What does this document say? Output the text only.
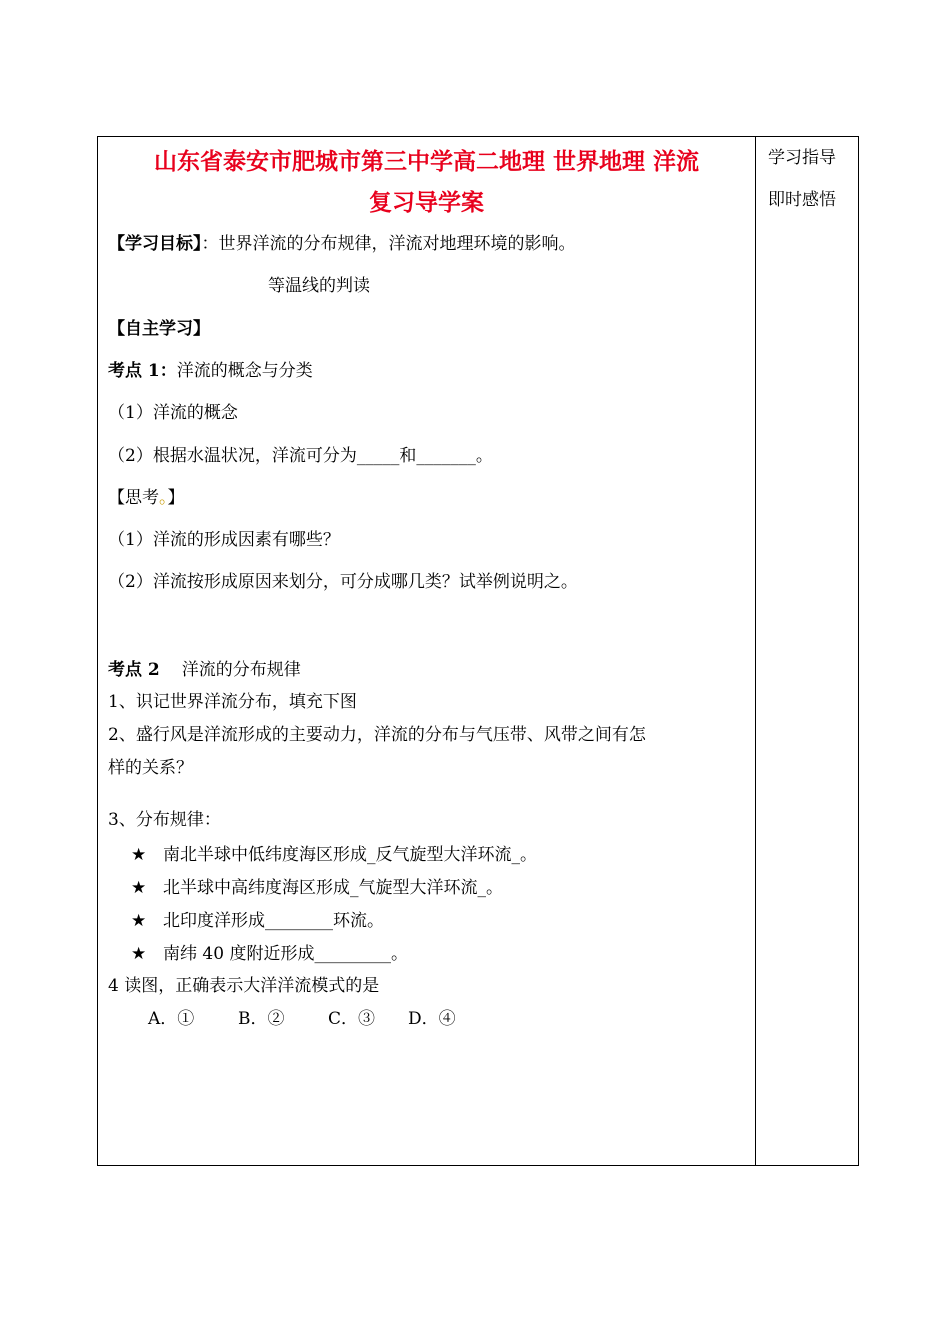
山东省泰安市肥城市第三中学高二地理 世界地理 洋流
复习导学案
【学习目标】：世界洋流的分布规律，洋流对地理环境的影响。
等温线的判读
【自主学习】
考点 1：洋流的概念与分类
（1）洋流的概念
（2）根据水温状况，洋流可分为_____和_______。
【思考。】
（1）洋流的形成因素有哪些？
（2）洋流按形成原因来划分，可分成哪几类？试举例说明之。
考点 2 洋流的分布规律
1、识记世界洋流分布，填充下图
2、盛行风是洋流形成的主要动力，洋流的分布与气压带、风带之间有怎
样的关系？
3、分布规律：
★ 南北半球中低纬度海区形成_反气旋型大洋环流_。
★ 北半球中高纬度海区形成_气旋型大洋环流_。
★ 北印度洋形成________环流。
★ 南纬 40 度附近形成_________。
4 读图，正确表示大洋洋流模式的是
A．①	B．②	C．③ D．④
学习指导
即时感悟
